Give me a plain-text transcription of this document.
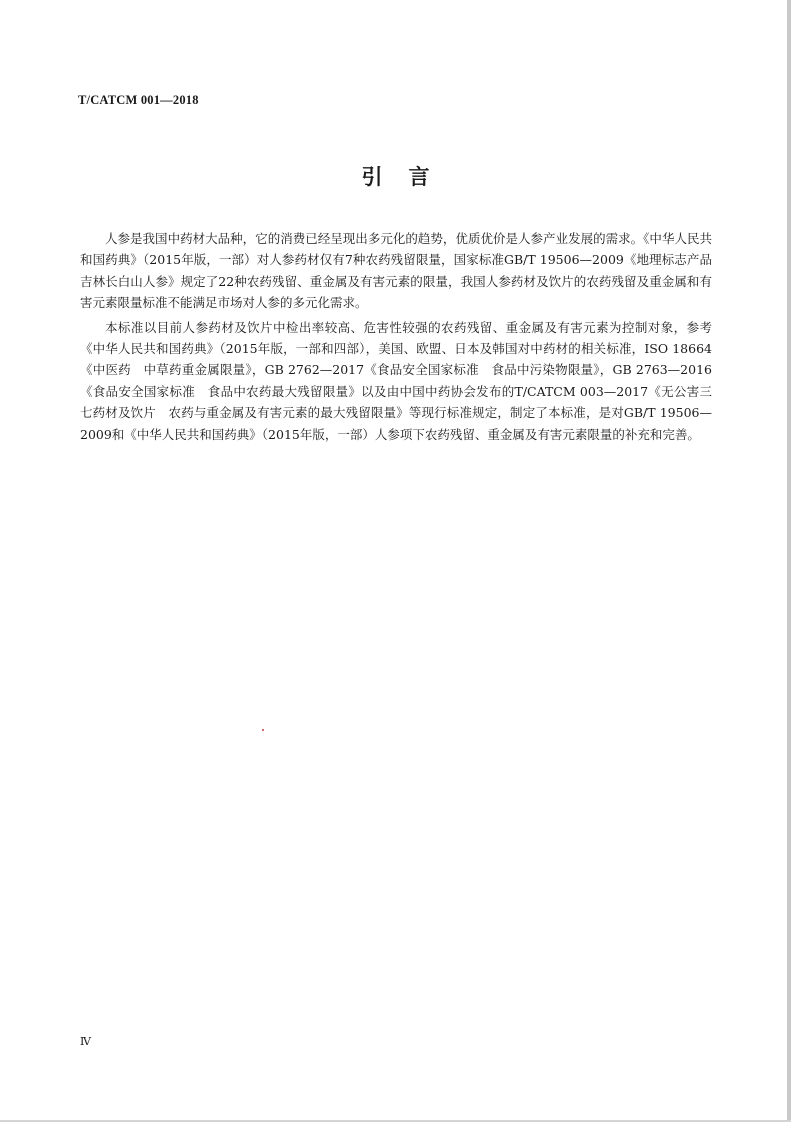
T/CATCM 001—2018
引言

人参是我国中药材大品种，它的消费已经呈现出多元化的趋势，优质优价是人参产业发展的需求。《中华人民共和国药典》（2015年版，一部）对人参药材仅有7种农药残留限量，国家标准GB/T 19506—2009《地理标志产品　吉林长白山人参》规定了22种农药残留、重金属及有害元素的限量，我国人参药材及饮片的农药残留及重金属和有害元素限量标准不能满足市场对人参的多元化需求。

本标准以目前人参药材及饮片中检出率较高、危害性较强的农药残留、重金属及有害元素为控制对象，参考《中华人民共和国药典》（2015年版，一部和四部），美国、欧盟、日本及韩国对中药材的相关标准，ISO 18664《中医药　中草药重金属限量》，GB 2762—2017《食品安全国家标准　食品中污染物限量》，GB 2763—2016《食品安全国家标准　食品中农药最大残留限量》以及由中国中药协会发布的T/CATCM 003—2017《无公害三七药材及饮片　农药与重金属及有害元素的最大残留限量》等现行标准规定，制定了本标准，是对GB/T 19506—2009和《中华人民共和国药典》（2015年版，一部）人参项下农药残留、重金属及有害元素限量的补充和完善。

Ⅳ
